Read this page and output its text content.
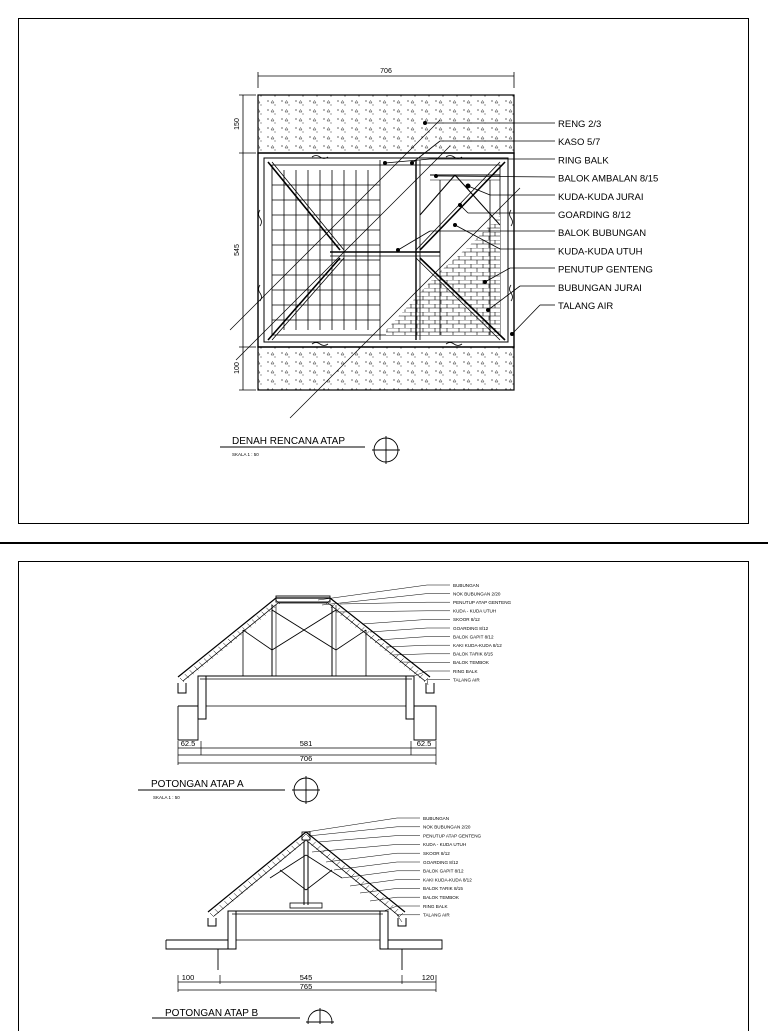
706
150
545
100
RENG 2/3
KASO 5/7
RING BALK
BALOK AMBALAN 8/15
KUDA-KUDA JURAI
GOARDING 8/12
BALOK BUBUNGAN
KUDA-KUDA UTUH
PENUTUP GENTENG
BUBUNGAN JURAI
TALANG AIR
DENAH RENCANA ATAP
SKALA 1 : 50
BUBUNGAN
NOK BUBUNGAN 2/20
PENUTUP ATAP GENTENG
KUDA - KUDA UTUH
SKOOR 8/12
GOARDING 8/12
BALOK GAPIT 8/12
KAKI KUDA-KUDA 8/12
BALOK TARIK 8/15
BALOK TEMBOK
RING BALK
TALANG AIR
62.5	581	62.5
706
POTONGAN ATAP A
SKALA 1 : 50
BUBUNGAN
NOK BUBUNGAN 2/20
PENUTUP ATAP GENTENG
KUDA - KUDA UTUH
SKOOR 8/12
GOARDING 8/12
BALOK GAPIT 8/12
KAKI KUDA-KUDA 8/12
BALOK TARIK 8/15
BALOK TEMBOK
RING BALK
TALANG AIR
100	545	120
765
POTONGAN ATAP B
